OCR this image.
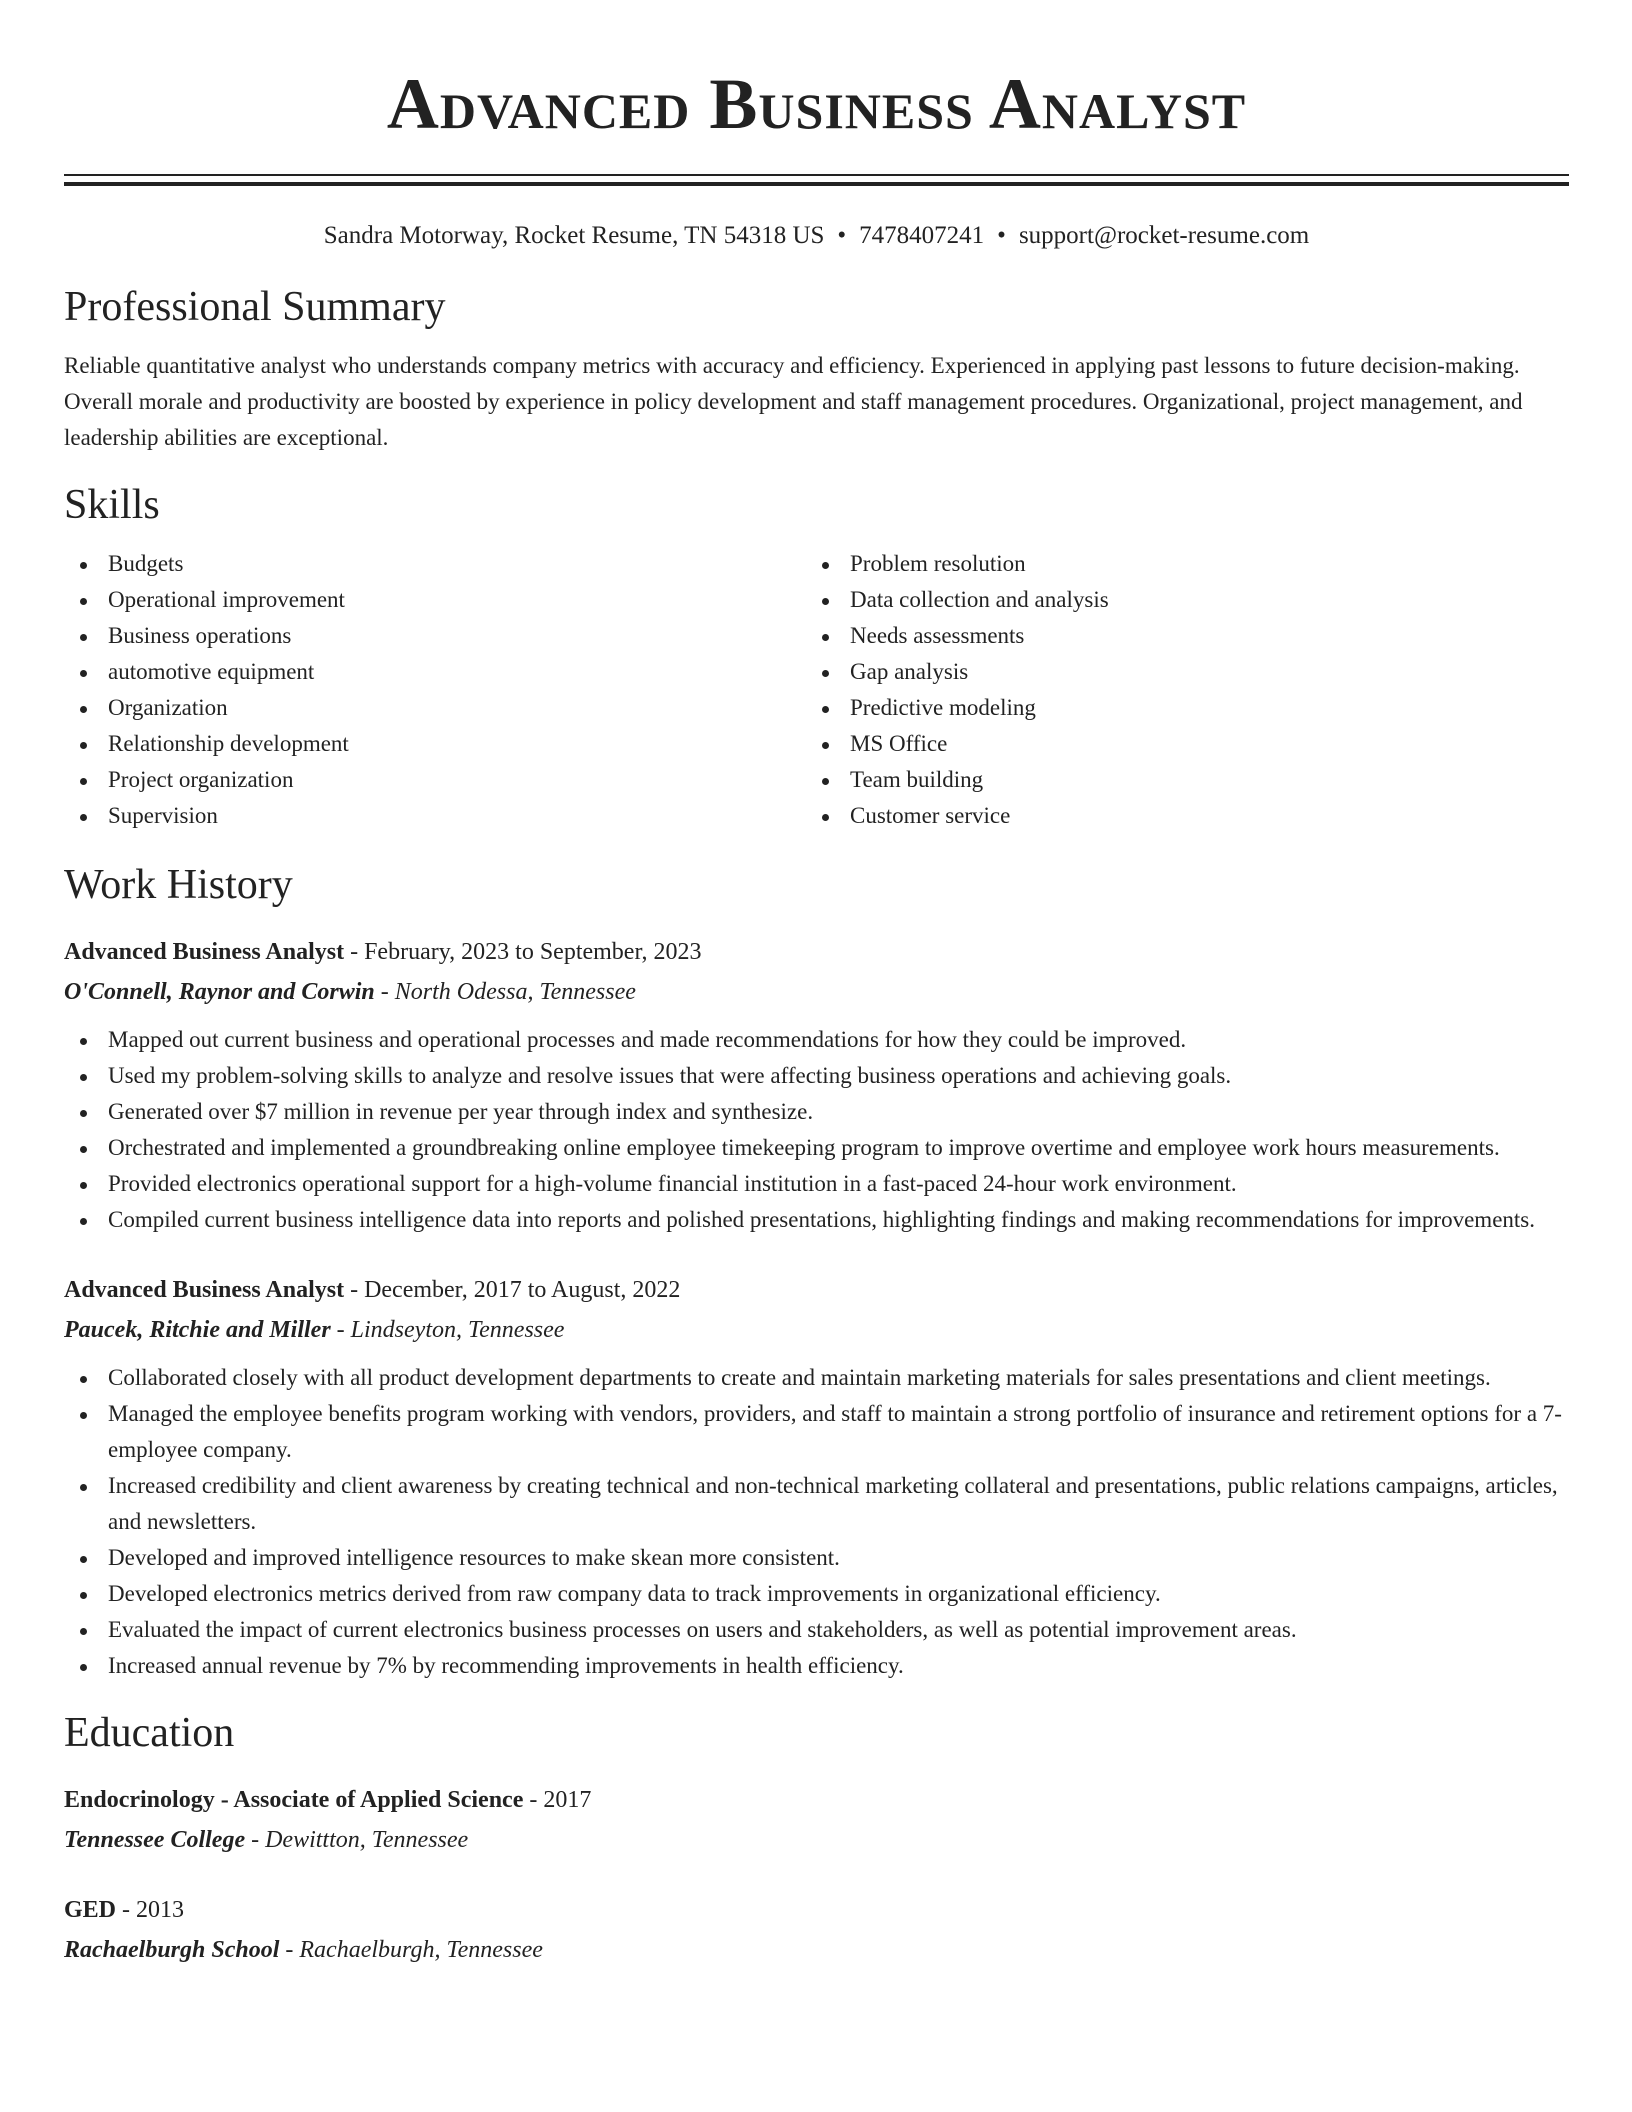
Advanced Business Analyst
Sandra Motorway, Rocket Resume, TN 54318 US • 7478407241 • support@rocket-resume.com
Professional Summary
Reliable quantitative analyst who understands company metrics with accuracy and efficiency. Experienced in applying past lessons to future decision-making. Overall morale and productivity are boosted by experience in policy development and staff management procedures. Organizational, project management, and leadership abilities are exceptional.
Skills
Budgets
Operational improvement
Business operations
automotive equipment
Organization
Relationship development
Project organization
Supervision
Problem resolution
Data collection and analysis
Needs assessments
Gap analysis
Predictive modeling
MS Office
Team building
Customer service
Work History
Advanced Business Analyst - February, 2023 to September, 2023
O'Connell, Raynor and Corwin - North Odessa, Tennessee
Mapped out current business and operational processes and made recommendations for how they could be improved.
Used my problem-solving skills to analyze and resolve issues that were affecting business operations and achieving goals.
Generated over $7 million in revenue per year through index and synthesize.
Orchestrated and implemented a groundbreaking online employee timekeeping program to improve overtime and employee work hours measurements.
Provided electronics operational support for a high-volume financial institution in a fast-paced 24-hour work environment.
Compiled current business intelligence data into reports and polished presentations, highlighting findings and making recommendations for improvements.
Advanced Business Analyst - December, 2017 to August, 2022
Paucek, Ritchie and Miller - Lindseyton, Tennessee
Collaborated closely with all product development departments to create and maintain marketing materials for sales presentations and client meetings.
Managed the employee benefits program working with vendors, providers, and staff to maintain a strong portfolio of insurance and retirement options for a 7-employee company.
Increased credibility and client awareness by creating technical and non-technical marketing collateral and presentations, public relations campaigns, articles, and newsletters.
Developed and improved intelligence resources to make skean more consistent.
Developed electronics metrics derived from raw company data to track improvements in organizational efficiency.
Evaluated the impact of current electronics business processes on users and stakeholders, as well as potential improvement areas.
Increased annual revenue by 7% by recommending improvements in health efficiency.
Education
Endocrinology - Associate of Applied Science - 2017
Tennessee College - Dewittton, Tennessee
GED - 2013
Rachaelburgh School - Rachaelburgh, Tennessee
